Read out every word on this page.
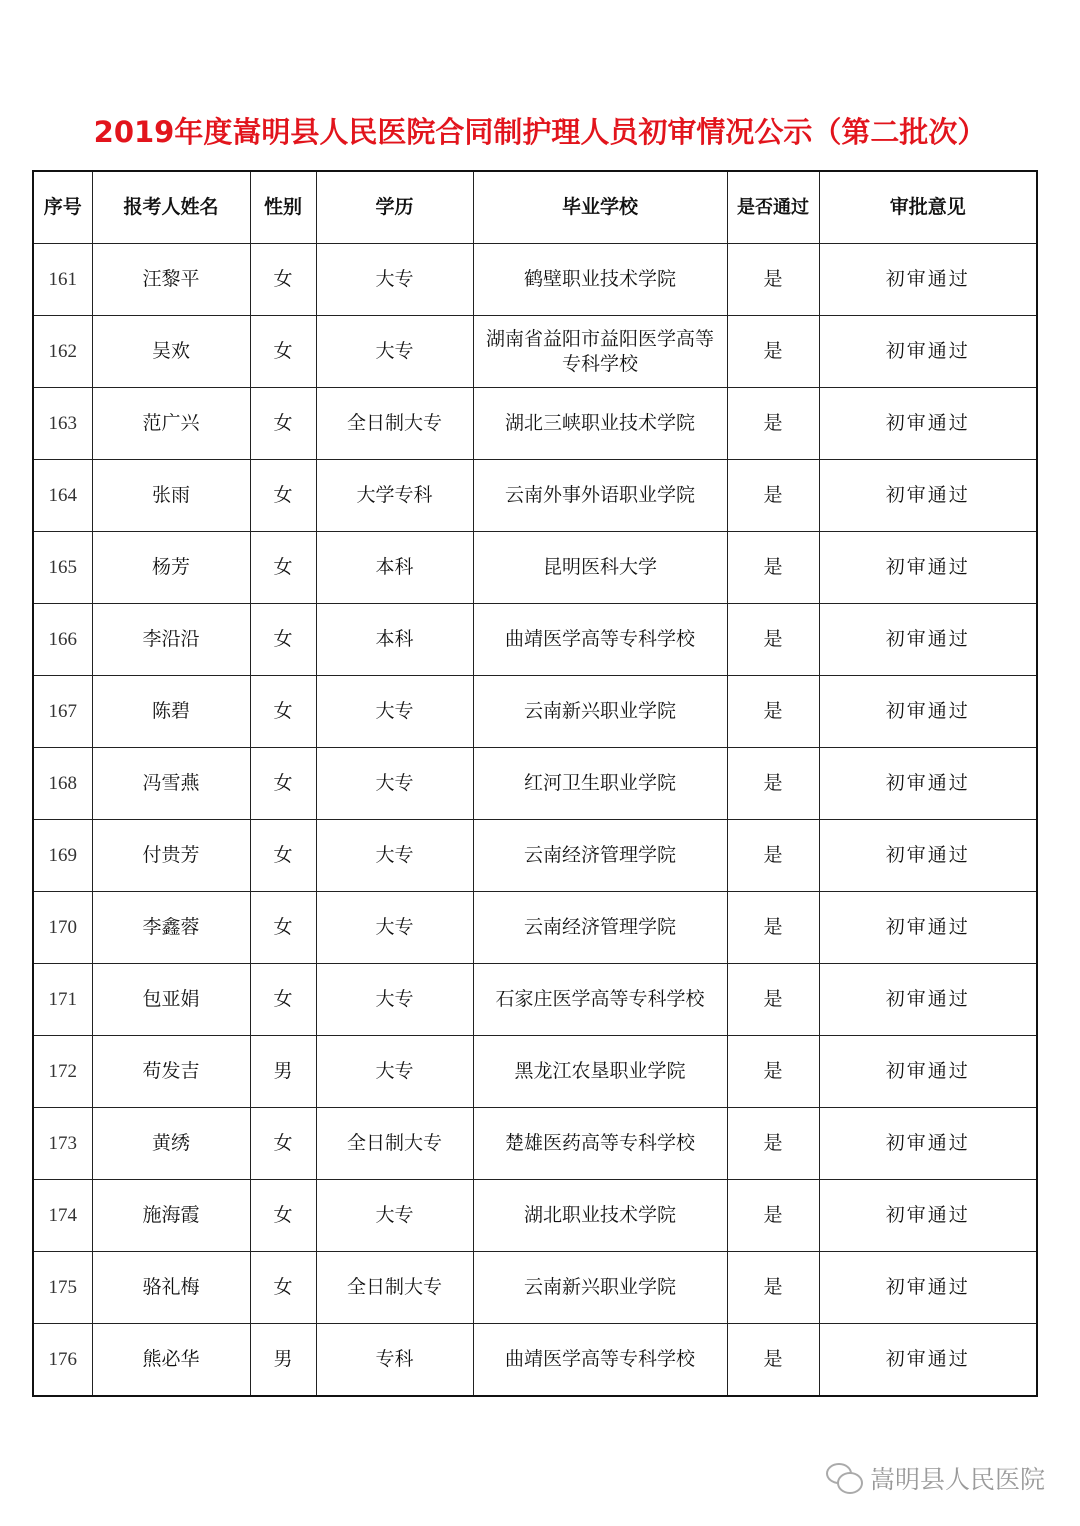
2019年度嵩明县人民医院合同制护理人员初审情况公示（第二批次）
序号	报考人姓名	性别	学历	毕业学校	是否通过	审批意见
161	汪黎平	女	大专	鹤壁职业技术学院	是	初审通过
162	吴欢	女	大专	湖南省益阳市益阳医学高等专科学校	是	初审通过
163	范广兴	女	全日制大专	湖北三峡职业技术学院	是	初审通过
164	张雨	女	大学专科	云南外事外语职业学院	是	初审通过
165	杨芳	女	本科	昆明医科大学	是	初审通过
166	李沿沿	女	本科	曲靖医学高等专科学校	是	初审通过
167	陈碧	女	大专	云南新兴职业学院	是	初审通过
168	冯雪燕	女	大专	红河卫生职业学院	是	初审通过
169	付贵芳	女	大专	云南经济管理学院	是	初审通过
170	李鑫蓉	女	大专	云南经济管理学院	是	初审通过
171	包亚娟	女	大专	石家庄医学高等专科学校	是	初审通过
172	苟发吉	男	大专	黑龙江农垦职业学院	是	初审通过
173	黄绣	女	全日制大专	楚雄医药高等专科学校	是	初审通过
174	施海霞	女	大专	湖北职业技术学院	是	初审通过
175	骆礼梅	女	全日制大专	云南新兴职业学院	是	初审通过
176	熊必华	男	专科	曲靖医学高等专科学校	是	初审通过
嵩明县人民医院
